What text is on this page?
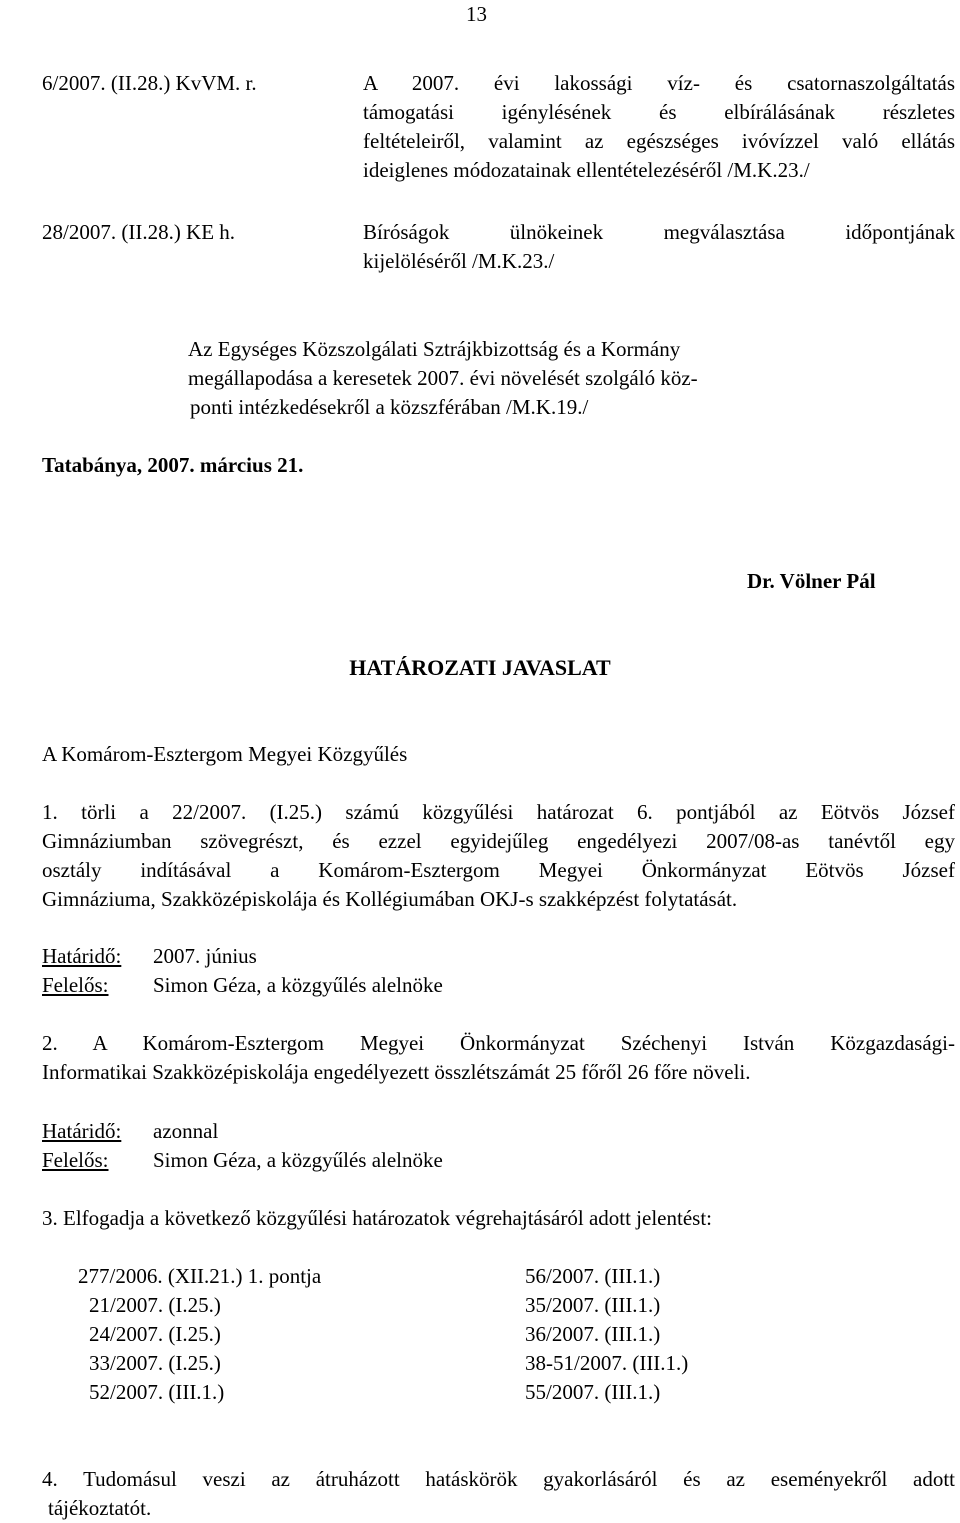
13
6/2007. (II.28.) KvVM. r.	A 2007. évi lakossági víz- és csatornaszolgáltatás
támogatási igénylésének és elbírálásának részletes
feltételeiről, valamint az egészséges ivóvízzel való ellátás
ideiglenes módozatainak ellentételezéséről /M.K.23./
28/2007. (II.28.) KE h.	Bíróságok ülnökeinek megválasztása időpontjának
kijelöléséről /M.K.23./
Az Egységes Közszolgálati Sztrájkbizottság és a Kormány
megállapodása a keresetek 2007. évi növelését szolgáló köz-
ponti intézkedésekről a közszférában /M.K.19./
Tatabánya, 2007. március 21.
Dr. Völner Pál
HATÁROZATI JAVASLAT
A Komárom-Esztergom Megyei Közgyűlés
1. törli a 22/2007. (I.25.) számú közgyűlési határozat 6. pontjából az Eötvös József
Gimnáziumban szövegrészt, és ezzel egyidejűleg engedélyezi 2007/08-as tanévtől egy
osztály indításával a Komárom-Esztergom Megyei Önkormányzat Eötvös József
Gimnáziuma, Szakközépiskolája és Kollégiumában OKJ-s szakképzést folytatását.
Határidő: 2007. június
Felelős: Simon Géza, a közgyűlés alelnöke
2. A Komárom-Esztergom Megyei Önkormányzat Széchenyi István Közgazdasági-
Informatikai Szakközépiskolája engedélyezett összlétszámát 25 főről 26 főre növeli.
Határidő: azonnal
Felelős: Simon Géza, a közgyűlés alelnöke
3. Elfogadja a következő közgyűlési határozatok végrehajtásáról adott jelentést:
277/2006. (XII.21.) 1. pontja
21/2007. (I.25.)
24/2007. (I.25.)
33/2007. (I.25.)
52/2007. (III.1.)
56/2007. (III.1.)
35/2007. (III.1.)
36/2007. (III.1.)
38-51/2007. (III.1.)
55/2007. (III.1.)
4. Tudomásul veszi az átruházott hatáskörök gyakorlásáról és az eseményekről adott
tájékoztatót.
